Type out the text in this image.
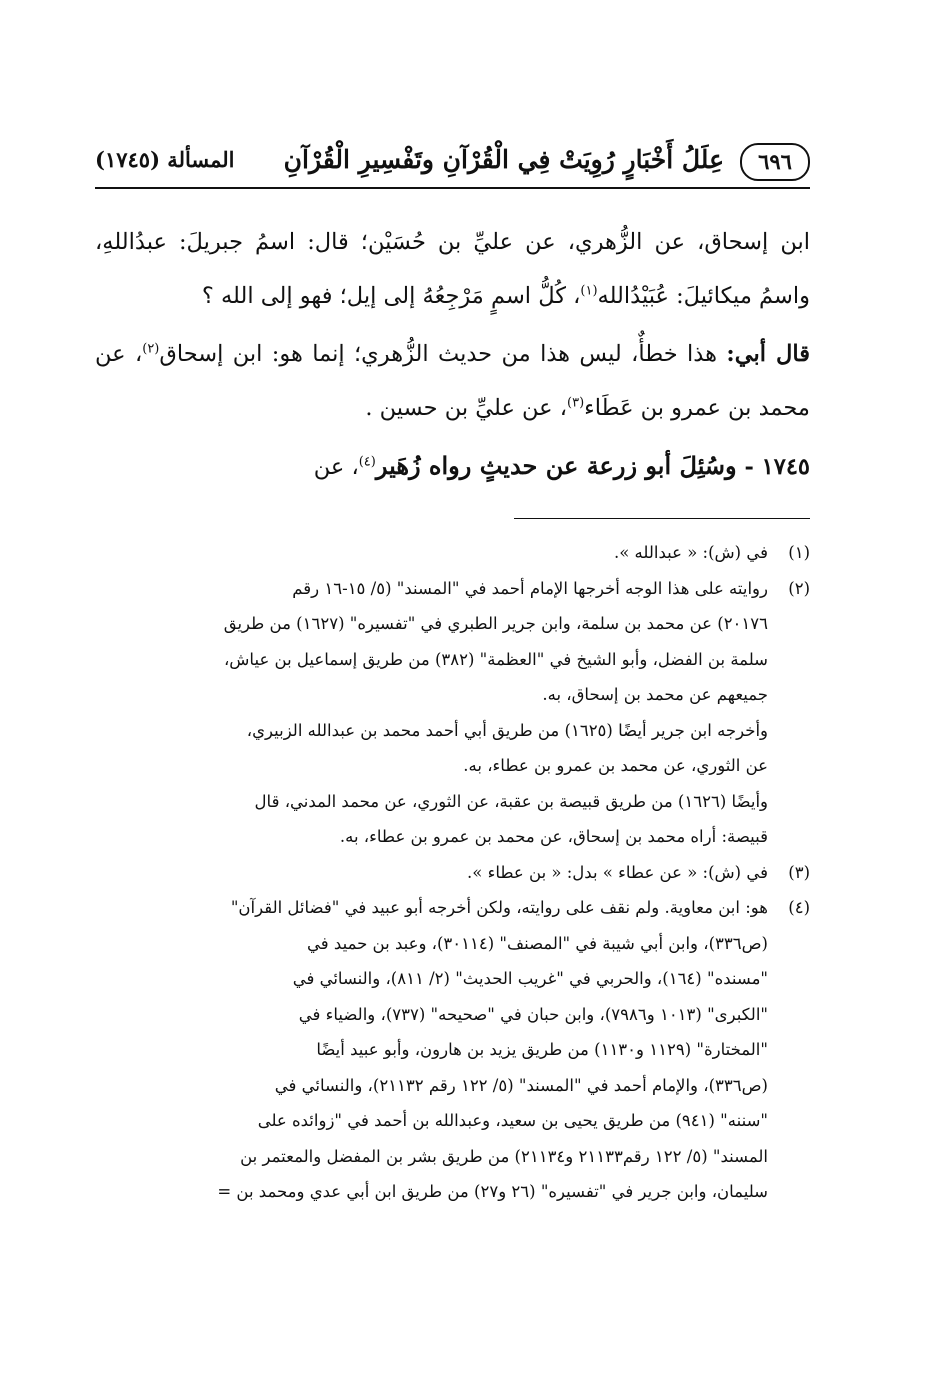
٦٩٦
عِلَلُ أَخْبَارٍ رُوِيَتْ فِي الْقُرْآنِ وتَفْسِيرِ الْقُرْآنِ
المسألة (١٧٤٥)

ابن إسحاق، عن الزُّهري، عن عليِّ بن حُسَيْن؛ قال: اسمُ جبريلَ: عبدُاللهِ، واسمُ ميكائيلَ: عُبَيْدُالله$^{(١)}$، كُلُّ اسمٍ مَرْجِعُهُ إلى إيل؛ فهو إلى الله ؟

قال أبي: هذا خطأٌ، ليس هذا من حديث الزُّهري؛ إنما هو: ابن إسحاق$^{(٢)}$، عن محمد بن عمرو بن عَطَاء$^{(٣)}$، عن عليِّ بن حسين .

١٧٤٥ - وسُئِلَ أبو زرعة عن حديثٍ رواه زُهَير$^{(٤)}$، عن

(١)
في (ش): « عبدالله ».
(٢)
روايته على هذا الوجه أخرجها الإمام أحمد في "المسند" (٥/ ١٥-١٦ رقم
٢٠١٧٦) عن محمد بن سلمة، وابن جرير الطبري في "تفسيره" (١٦٢٧) من طريق
سلمة بن الفضل، وأبو الشيخ في "العظمة" (٣٨٢) من طريق إسماعيل بن عياش،
جميعهم عن محمد بن إسحاق، به.
وأخرجه ابن جرير أيضًا (١٦٢٥) من طريق أبي أحمد محمد بن عبدالله الزبيري،
عن الثوري، عن محمد بن عمرو بن عطاء، به.
وأيضًا (١٦٢٦) من طريق قبيصة بن عقبة، عن الثوري، عن محمد المدني، قال
قبيصة: أراه محمد بن إسحاق، عن محمد بن عمرو بن عطاء، به.
(٣)
في (ش): « عن عطاء » بدل: « بن عطاء ».
(٤)
هو: ابن معاوية. ولم نقف على روايته، ولكن أخرجه أبو عبيد في "فضائل القرآن"
(ص٣٣٦)، وابن أبي شيبة في "المصنف" (٣٠١١٤)، وعبد بن حميد في
"مسنده" (١٦٤)، والحربي في "غريب الحديث" (٢/ ٨١١)، والنسائي في
"الكبرى" (١٠١٣ و٧٩٨٦)، وابن حبان في "صحيحه" (٧٣٧)، والضياء في
"المختارة" (١١٢٩ و١١٣٠) من طريق يزيد بن هارون، وأبو عبيد أيضًا
(ص٣٣٦)، والإمام أحمد في "المسند" (٥/ ١٢٢ رقم ٢١١٣٢)، والنسائي في
"سننه" (٩٤١) من طريق يحيى بن سعيد، وعبدالله بن أحمد في "زوائده على
المسند" (٥/ ١٢٢ رقم٢١١٣٣ و٢١١٣٤) من طريق بشر بن المفضل والمعتمر بن
سليمان، وابن جرير في "تفسيره" (٢٦ و٢٧) من طريق ابن أبي عدي ومحمد بن =
